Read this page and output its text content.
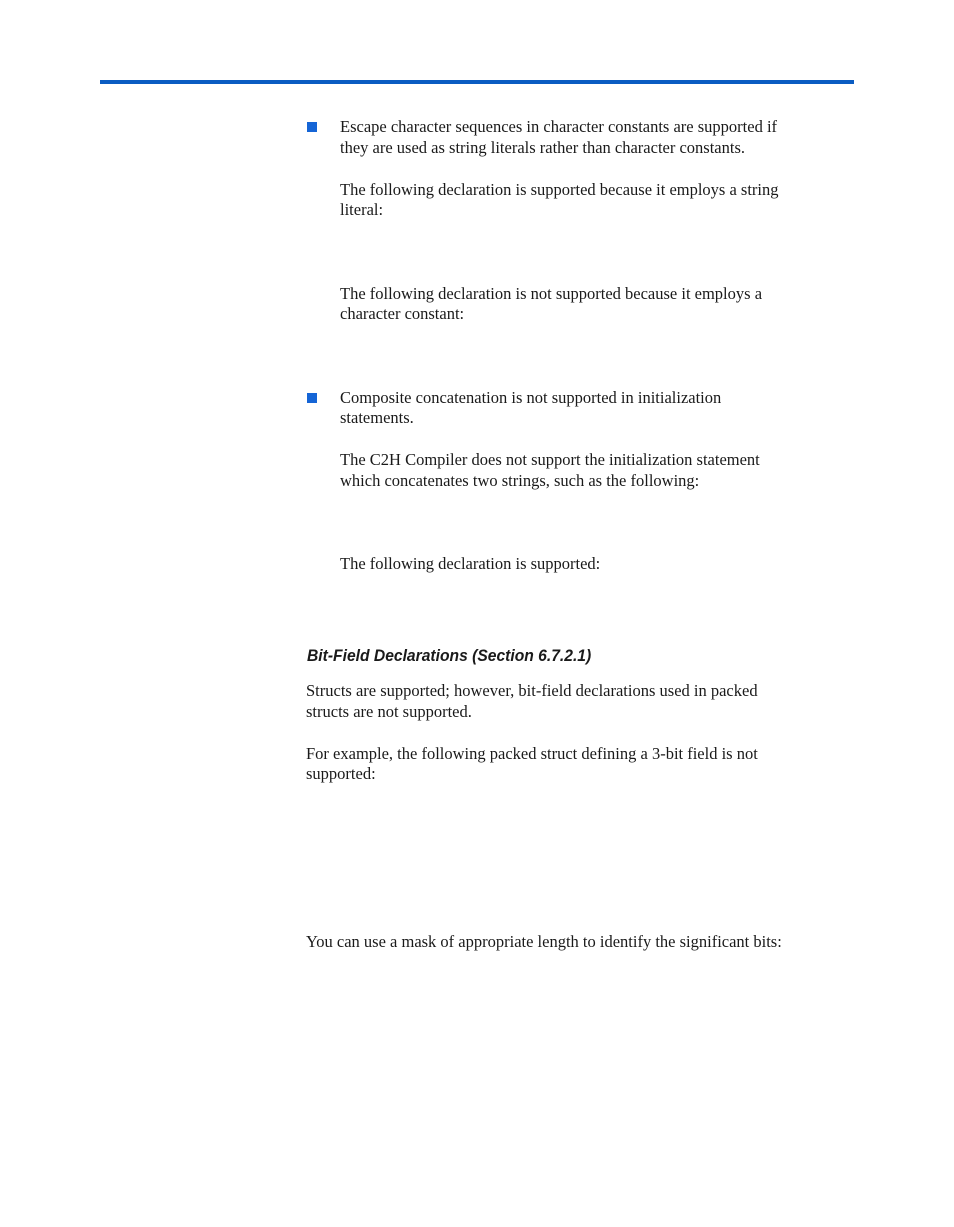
Escape character sequences in character constants are supported if

they are used as string literals rather than character constants.

The following declaration is supported because it employs a string

literal:

The following declaration is not supported because it employs a

character constant:

Composite concatenation is not supported in initialization

statements.

The C2H Compiler does not support the initialization statement

which concatenates two strings, such as the following:

The following declaration is supported:

Bit-Field Declarations (Section 6.7.2.1)

Structs are supported; however, bit-field declarations used in packed

structs are not supported.

For example, the following packed struct defining a 3-bit field is not

supported:

You can use a mask of appropriate length to identify the significant bits:
